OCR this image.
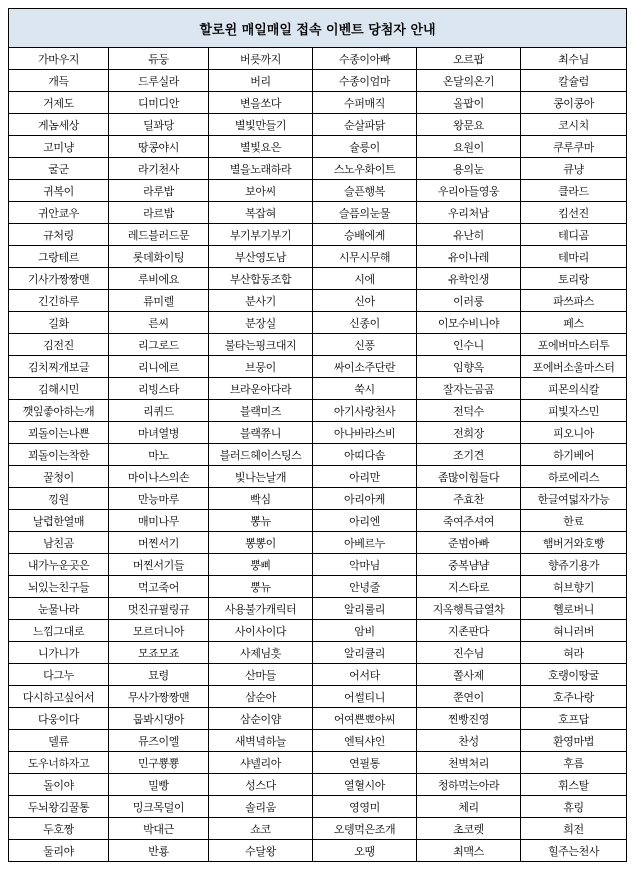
할로윈 매일매일 접속 이벤트 당첨자 안내					
가마우지	듀둥	버릇까지	수종이아빠	오르팝	최수님
개득	드루실라	버리	수종이엄마	온달의온기	칼슐럼
거제도	디미디안	변을쏘다	수퍼매직	올팝이	콩이콩아
게놈세상	딜꽈당	별빛만들기	순살파닭	왕문요	코시치
고미냥	땅콩야시	별빛요은	슐릉이	요원이	쿠루쿠마
굴군	라기천사	별을노래하라	스노우화이트	용의눈	큐냥
귀복이	라루밥	보아씨	슬픈행복	우리아들영웅	클라드
귀안쿄우	라르밥	복잡혀	슬픔의눈물	우리처남	킴선진
규처링	레드블러드문	부기부기부기	승배에게	유난히	테디곰
그랑테르	롯데화이팅	부산영도남	시무시무해	유이나레	테마리
기사가짱짱맨	루비에요	부산합동조합	시에	유학인생	토리랑
긴긴하루	류미렐	분사기	신아	이러룽	파쓰파스
길화	른씨	분장실	신종이	이모수비니야	페스
김전진	리그로드	불타는핑크대지	신퐁	인수니	포에버마스터투
김치찌개보글	리니에르	브뭉이	싸이소주단란	임향옥	포에버소울마스터
김해시민	리빙스타	브라운아다라	쑥시	잘자는곰곰	피몬의식칼
깻잎좋아하는개	리퀴드	블랙미즈	아기사랑천사	전덕수	피빛자스민
꾀돌이는나쁜	마녀열병	블랙쮸니	아나바라스비	전희장	피오니아
꾀돌이는착한	마노	블러드헤이스팅스	아띠다솜	조기견	하기베어
꿀청이	마이나스의손	빛나는날개	아리만	좀많이힘들다	하로에리스
낑원	만능마루	빡심	아리아케	주효찬	한글여덟자가능
날렵한열매	매미나무	뽕뉴	아리엔	죽여주셔여	한료
남친곰	머찐서기	뽕뽕이	아베르누	준범아빠	햄버거와호빵
내가누운곳은	머찐서기들	뿡삐	악마님	중복냠냠	향쥬기용가
뇌있는친구들	먹고죽어	뿡뉴	안녕줄	지스타로	허브향기
눈물나라	멋진규필링규	사용불가캐릭터	알리룰리	지옥행특급열차	헬로버니
느낌그대로	모르더니아	사이사이다	암비	지존판다	혀니러버
니가니가	모죠모죠	사제님흣	알리큘리	진수님	혀라
다그누	묘령	산마들	어서타	쫄사제	호랭이땅굴
다시하고싶어서	무사가짱짱맨	삼순아	어썰티니	쭌연이	호주나랑
다웅이다	뭅봐시댕아	삼순이얌	어여쁜뾰야씨	찐빵진영	호프답
델류	뮤즈이엘	새벽녘하늘	엔틱샤인	찬성	환영마법
도우너하자고	민구뿅뿅	샤넬리아	연필통	천벽처리	후름
돌이야	밀빵	성스다	열혈시아	청하먹는아라	휘스탈
두뇌왕김꿀통	밍크목덜이	솔리움	영영미	체리	휴링
두호짱	박대근	쇼코	오뎅먹은조개	초코렛	희전
둘리야	반룡	수달왕	오땡	최맥스	힐주는천사
